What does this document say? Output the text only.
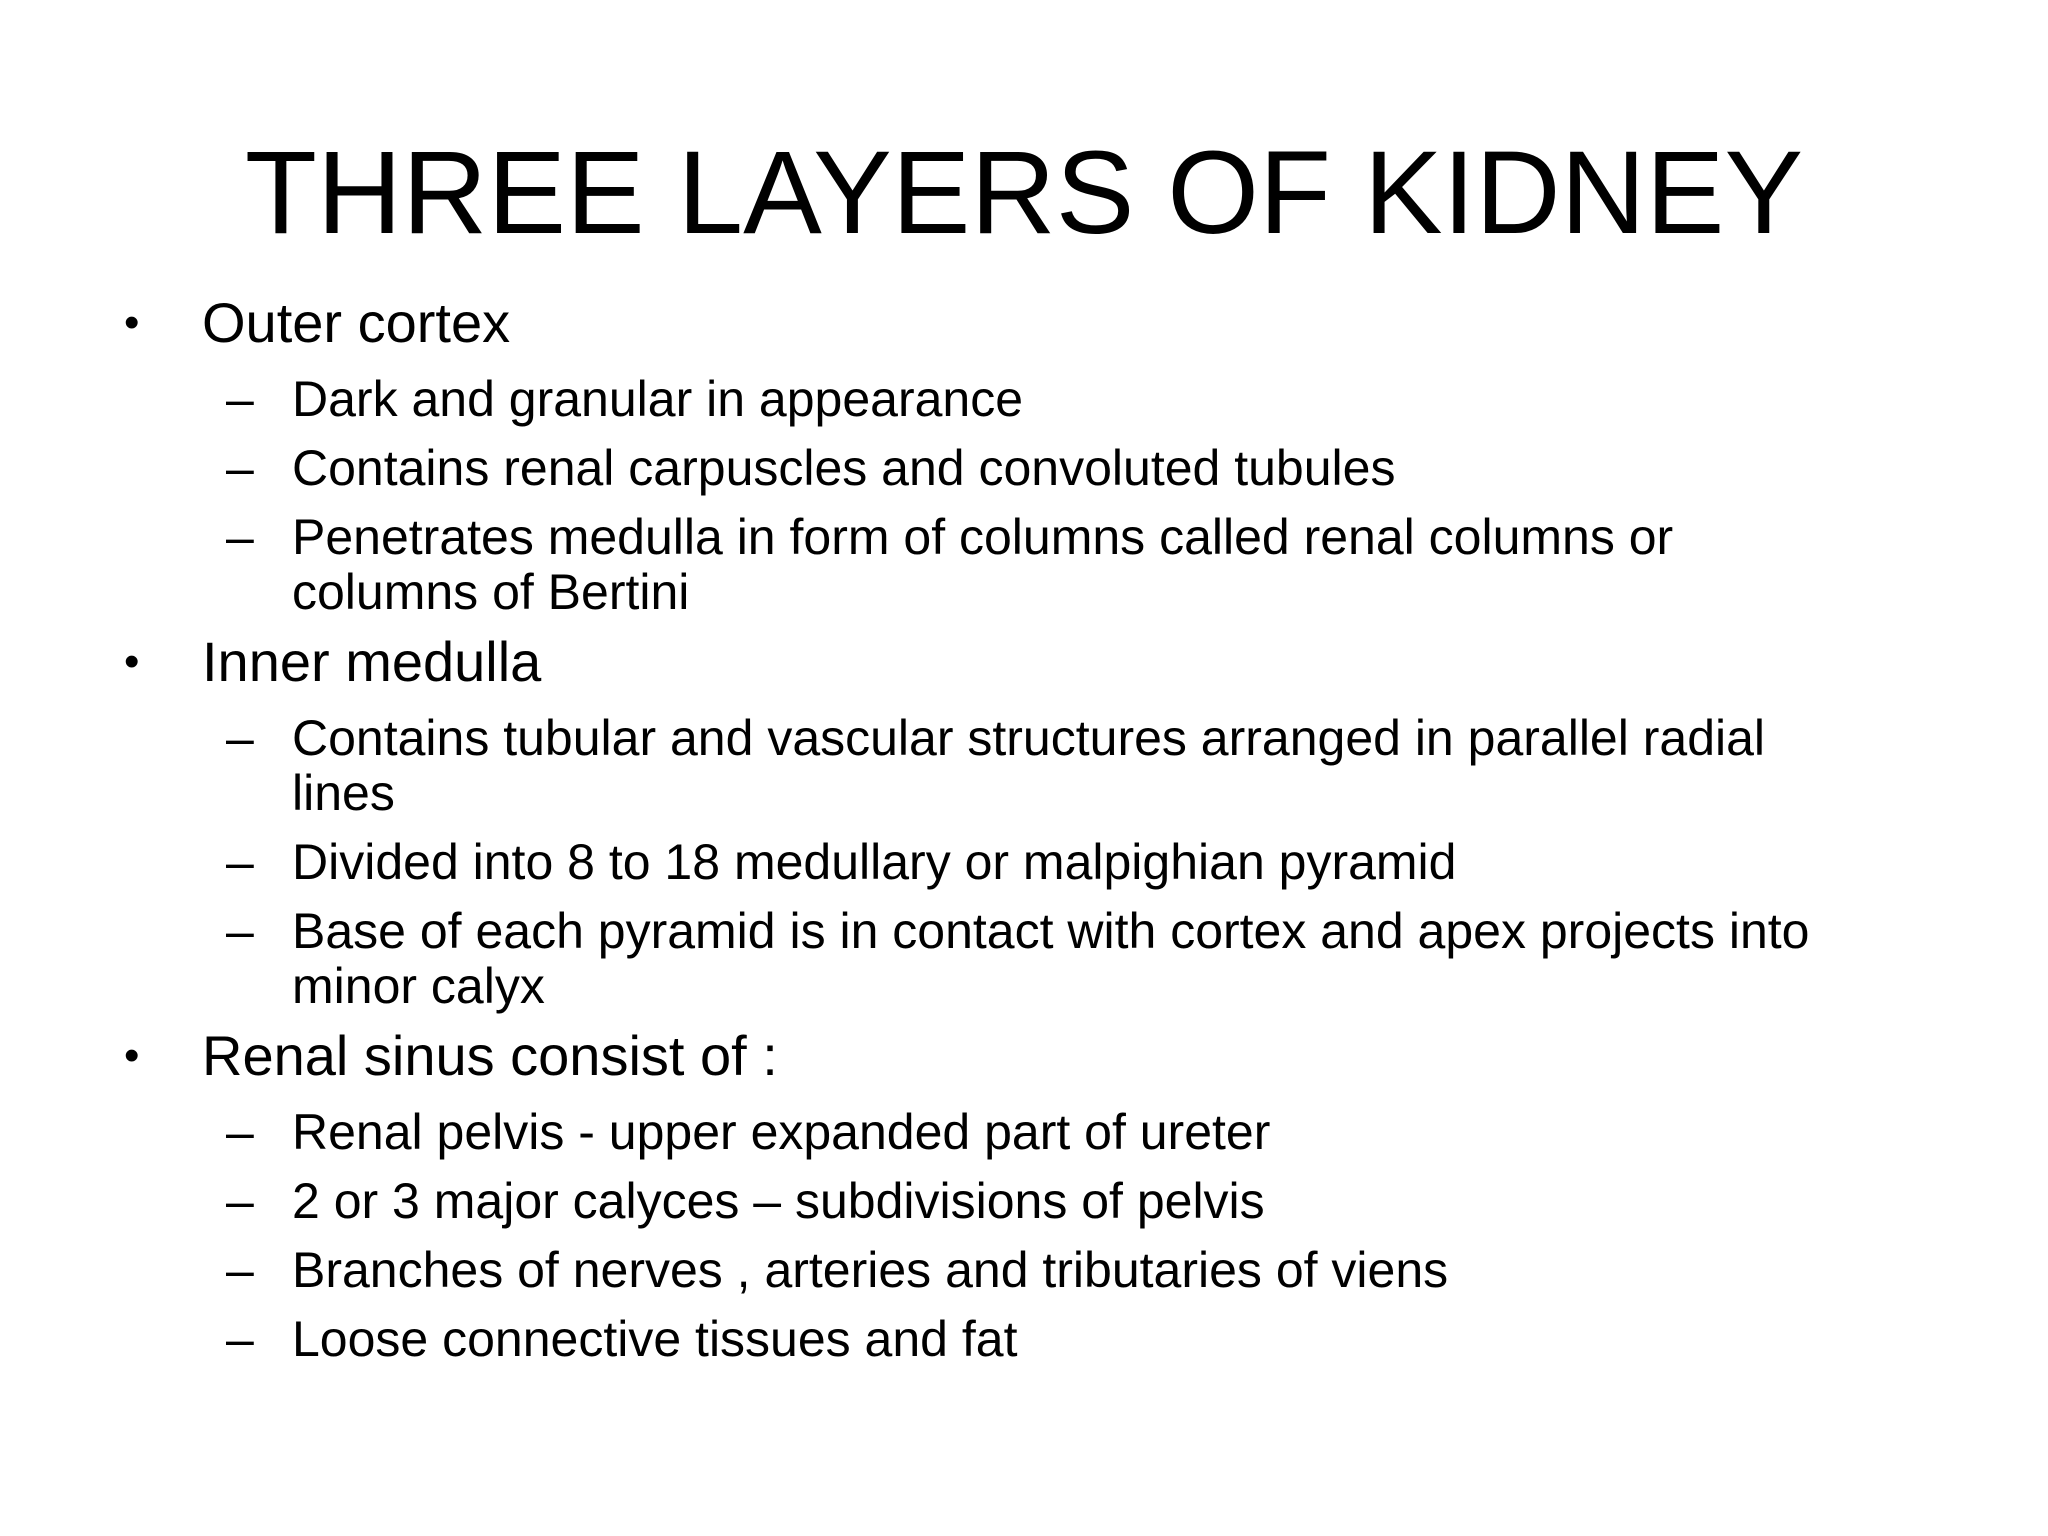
THREE LAYERS OF KIDNEY
• Outer cortex
– Dark and granular in appearance
– Contains renal carpuscles and convoluted tubules
– Penetrates medulla in form of columns called renal columns or
columns of Bertini
• Inner medulla
– Contains tubular and vascular structures arranged in parallel radial
lines
– Divided into 8 to 18 medullary or malpighian pyramid
– Base of each pyramid is in contact with cortex and apex projects into
minor calyx
• Renal sinus consist of :
– Renal pelvis - upper expanded part of ureter
– 2 or 3 major calyces – subdivisions of pelvis
– Branches of nerves , arteries and tributaries of viens
– Loose connective tissues and fat
